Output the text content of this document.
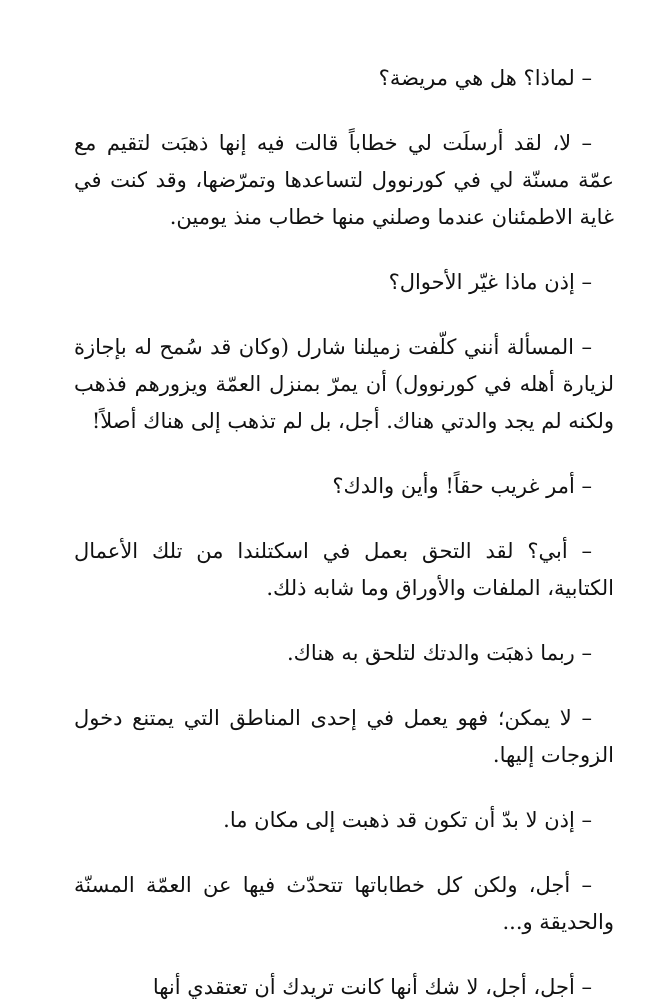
– لماذا؟ هل هي مريضة؟

– لا، لقد أرسلَت لي خطاباً قالت فيه إنها ذهبَت لتقيم مع عمّة مسنّة لي في كورنوول لتساعدها وتمرّضها، وقد كنت في غاية الاطمئنان عندما وصلني منها خطاب منذ يومين.

– إذن ماذا غيّر الأحوال؟

– المسألة أنني كلّفت زميلنا شارل (وكان قد سُمح له بإجازة لزيارة أهله في كورنوول) أن يمرّ بمنزل العمّة ويزورهم فذهب ولكنه لم يجد والدتي هناك. أجل، بل لم تذهب إلى هناك أصلاً!

– أمر غريب حقاً! وأين والدك؟

– أبي؟ لقد التحق بعمل في اسكتلندا من تلك الأعمال الكتابية، الملفات والأوراق وما شابه ذلك.

– ربما ذهبَت والدتك لتلحق به هناك.

– لا يمكن؛ فهو يعمل في إحدى المناطق التي يمتنع دخول الزوجات إليها.

– إذن لا بدّ أن تكون قد ذهبت إلى مكان ما.

– أجل، ولكن كل خطاباتها تتحدّث فيها عن العمّة المسنّة والحديقة و...

– أجل، أجل، لا شك أنها كانت تريدك أن تعتقدي أنها
